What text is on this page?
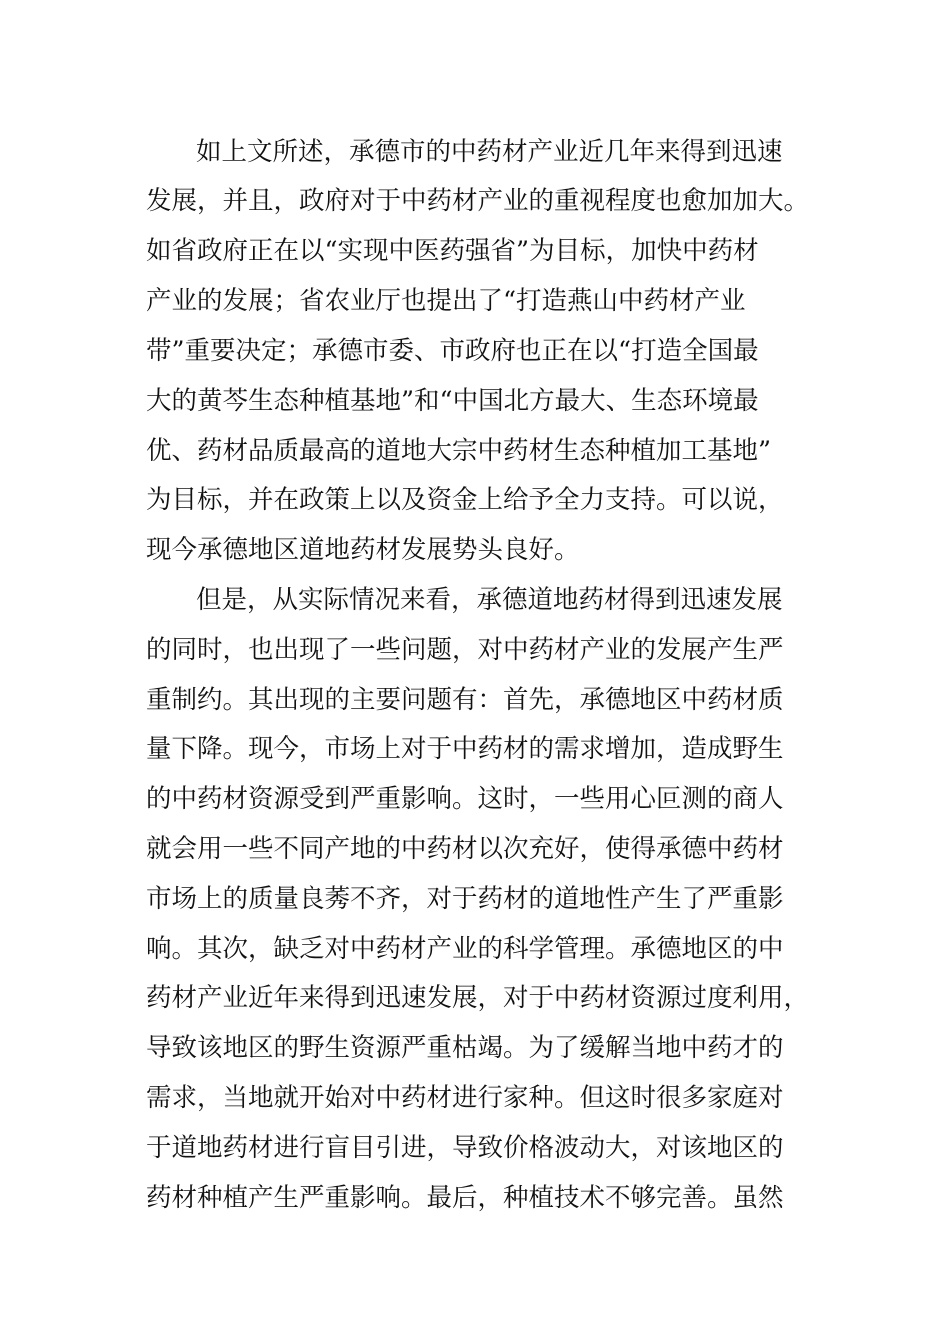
如上文所述，承德市的中药材产业近几年来得到迅速
发展，并且，政府对于中药材产业的重视程度也愈加加大。
如省政府正在以“实现中医药强省”为目标，加快中药材
产业的发展；省农业厅也提出了“打造燕山中药材产业
带”重要决定；承德市委、市政府也正在以“打造全国最
大的黄芩生态种植基地”和“中国北方最大、生态环境最
优、药材品质最高的道地大宗中药材生态种植加工基地”
为目标，并在政策上以及资金上给予全力支持。可以说，
现今承德地区道地药材发展势头良好。
但是，从实际情况来看，承德道地药材得到迅速发展
的同时，也出现了一些问题，对中药材产业的发展产生严
重制约。其出现的主要问题有：首先，承德地区中药材质
量下降。现今，市场上对于中药材的需求增加，造成野生
的中药材资源受到严重影响。这时，一些用心叵测的商人
就会用一些不同产地的中药材以次充好，使得承德中药材
市场上的质量良莠不齐，对于药材的道地性产生了严重影
响。其次，缺乏对中药材产业的科学管理。承德地区的中
药材产业近年来得到迅速发展，对于中药材资源过度利用，
导致该地区的野生资源严重枯竭。为了缓解当地中药才的
需求，当地就开始对中药材进行家种。但这时很多家庭对
于道地药材进行盲目引进，导致价格波动大，对该地区的
药材种植产生严重影响。最后，种植技术不够完善。虽然
